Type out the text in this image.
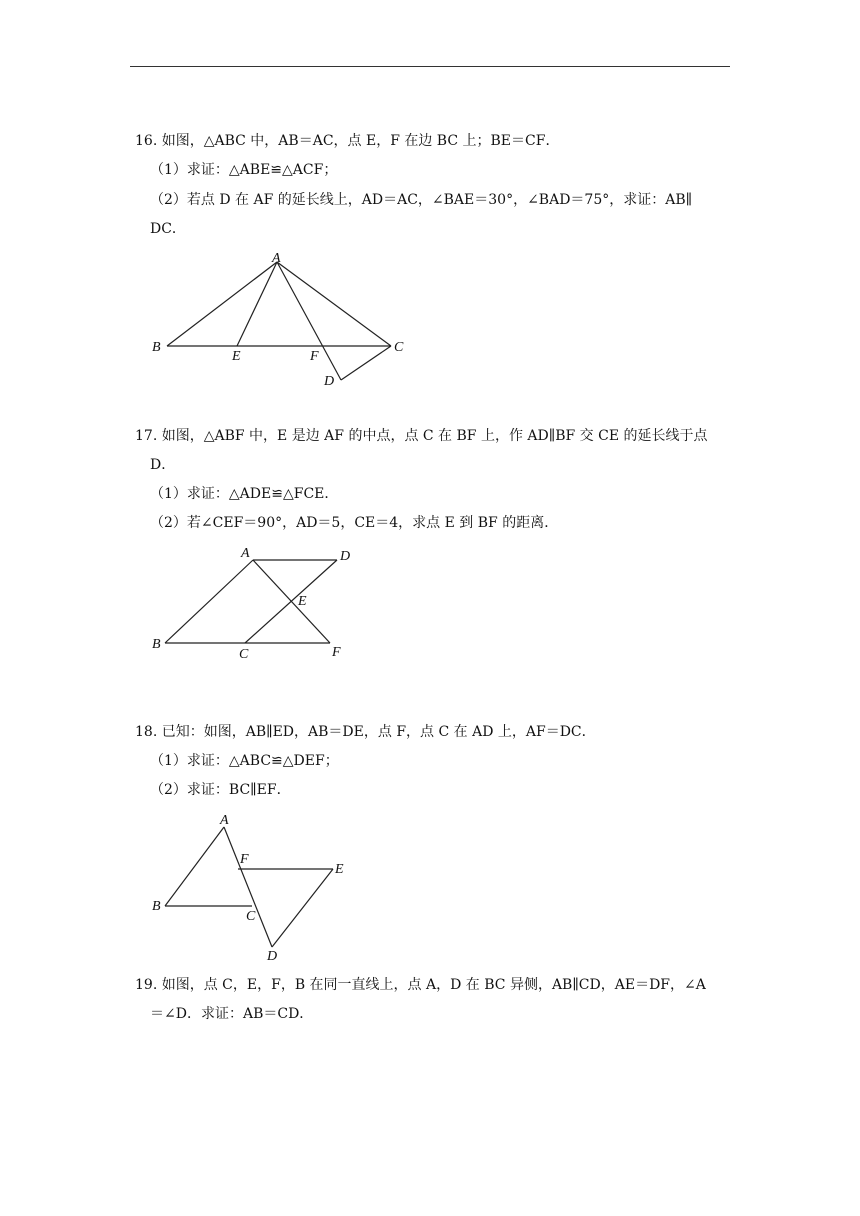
16. 如图，△ABC 中，AB＝AC，点 E，F 在边 BC 上；BE＝CF．
（1）求证：△ABE≌△ACF；
（2）若点 D 在 AF 的延长线上，AD＝AC，∠BAE＝30°，∠BAD＝75°，求证：AB∥
DC．
A
B	C
D
E	F
17. 如图，△ABF 中，E 是边 AF 的中点，点 C 在 BF 上，作 AD∥BF 交 CE 的延长线于点
D．
（1）求证：△ADE≌△FCE．
（2）若∠CEF＝90°，AD＝5，CE＝4，求点 E 到 BF 的距离．
A
B
C
D
E
F
18. 已知：如图，AB∥ED，AB＝DE，点 F，点 C 在 AD 上，AF＝DC．
（1）求证：△ABC≌△DEF；
（2）求证：BC∥EF．
A
B
C
D
E
F
19. 如图，点 C，E，F，B 在同一直线上，点 A，D 在 BC 异侧，AB∥CD，AE＝DF，∠A
＝∠D．求证：AB＝CD．
